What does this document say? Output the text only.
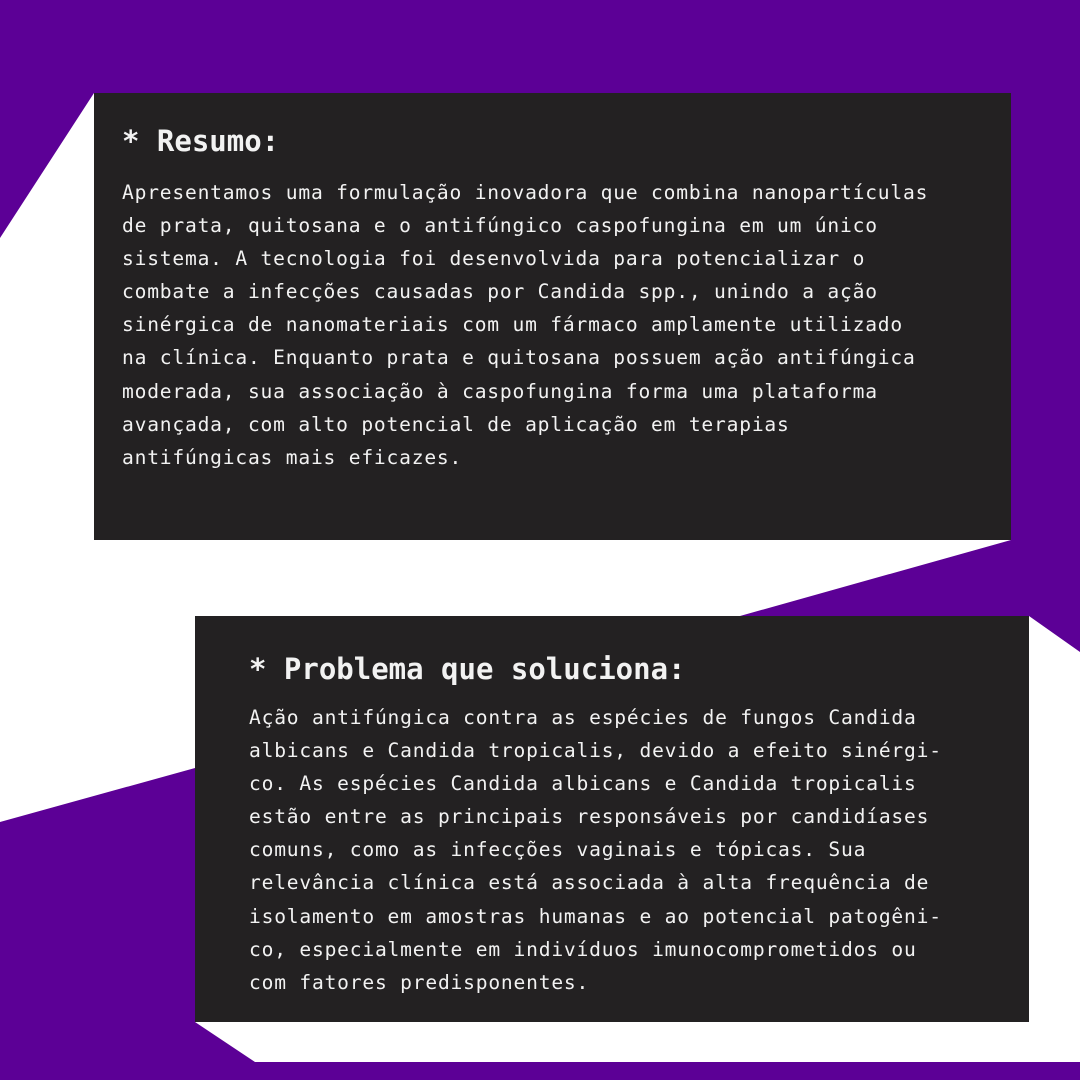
* Resumo:

Apresentamos uma formulação inovadora que combina nanopartículas
de prata, quitosana e o antifúngico caspofungina em um único
sistema. A tecnologia foi desenvolvida para potencializar o
combate a infecções causadas por Candida spp., unindo a ação
sinérgica de nanomateriais com um fármaco amplamente utilizado
na clínica. Enquanto prata e quitosana possuem ação antifúngica
moderada, sua associação à caspofungina forma uma plataforma
avançada, com alto potencial de aplicação em terapias
antifúngicas mais eficazes.

* Problema que soluciona:

Ação antifúngica contra as espécies de fungos Candida
albicans e Candida tropicalis, devido a efeito sinérgi-
co. As espécies Candida albicans e Candida tropicalis
estão entre as principais responsáveis por candidíases
comuns, como as infecções vaginais e tópicas. Sua
relevância clínica está associada à alta frequência de
isolamento em amostras humanas e ao potencial patogêni-
co, especialmente em indivíduos imunocomprometidos ou
com fatores predisponentes.
